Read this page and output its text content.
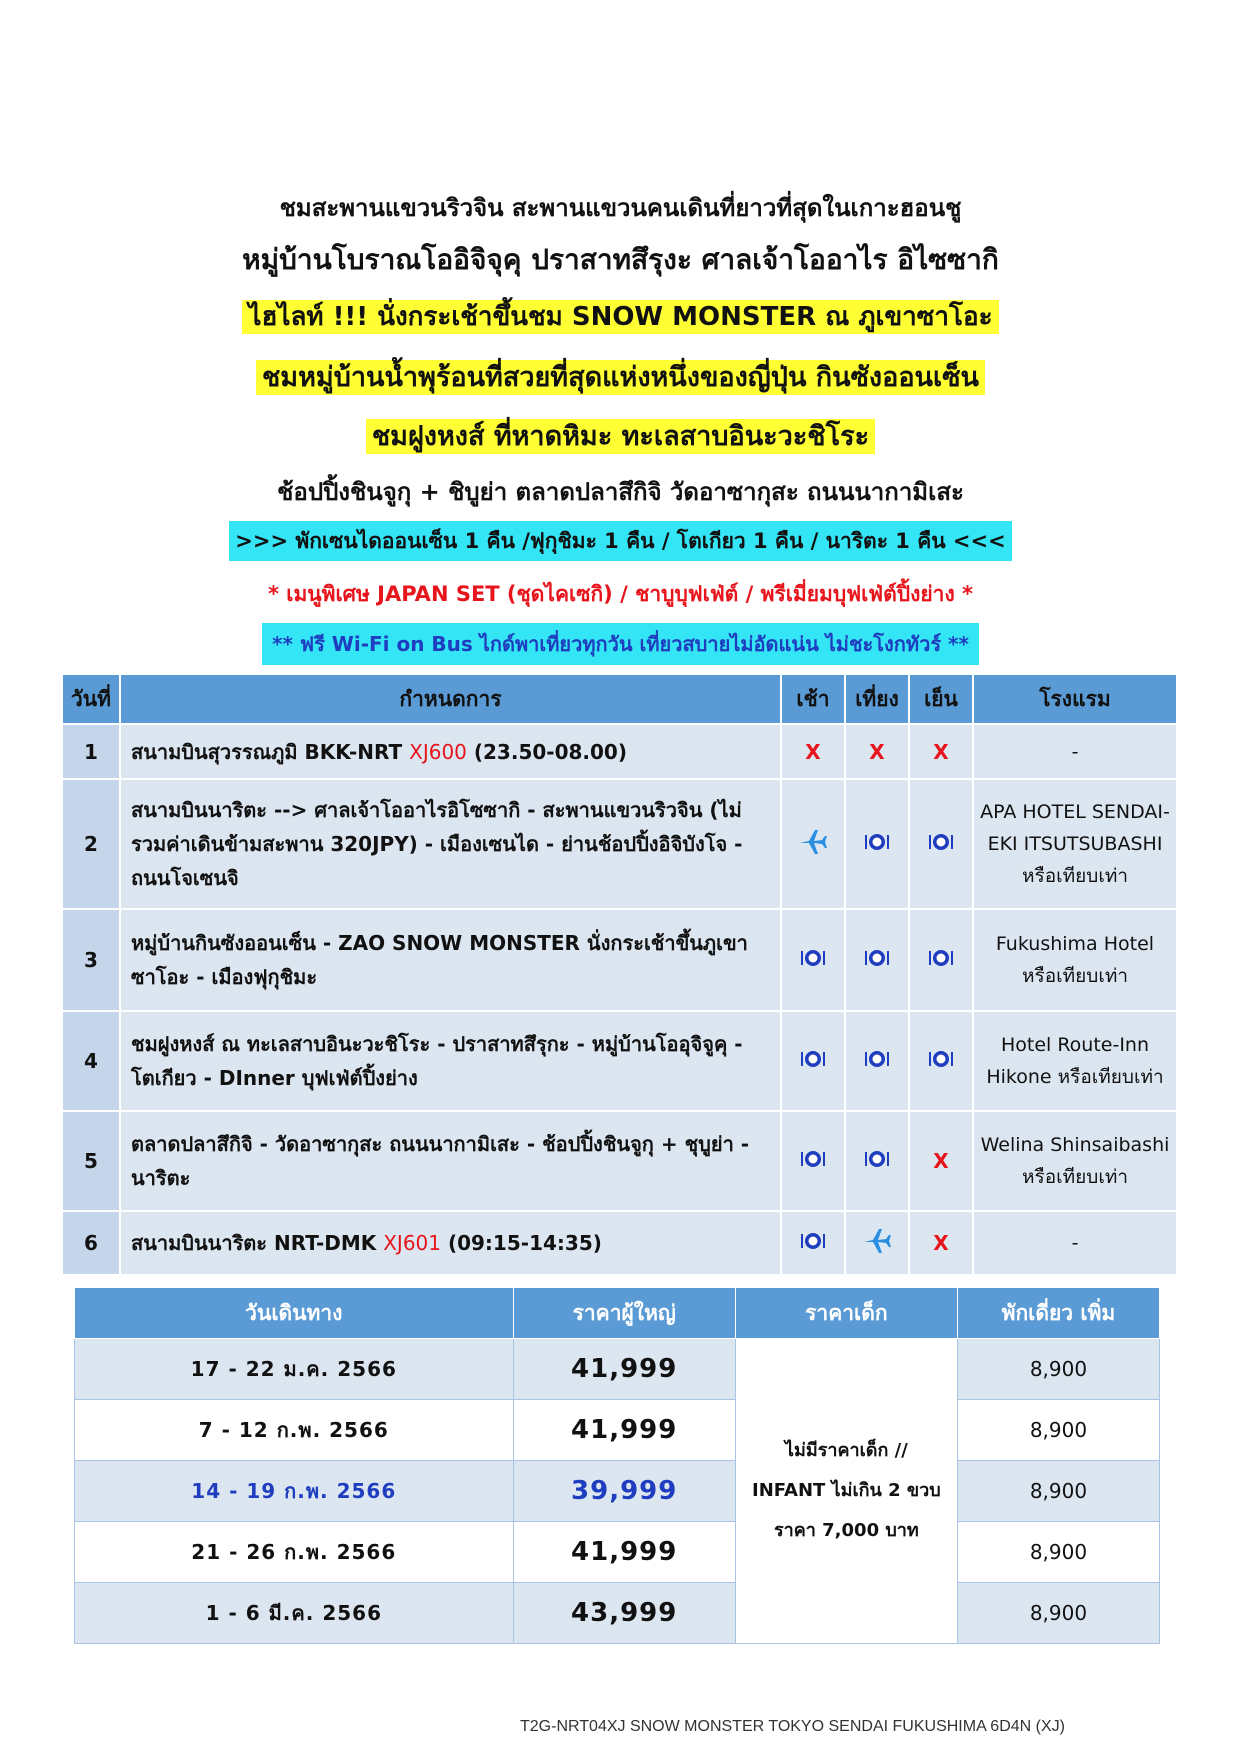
ชมสะพานแขวนริวจิน สะพานแขวนคนเดินที่ยาวที่สุดในเกาะฮอนชู
หมู่บ้านโบราณโออิจิจุคุ ปราสาทสึรุงะ ศาลเจ้าโออาไร อิไซซากิ
ไฮไลท์ !!! นั่งกระเช้าขึ้นชม SNOW MONSTER ณ ภูเขาซาโอะ
ชมหมู่บ้านน้ำพุร้อนที่สวยที่สุดแห่งหนึ่งของญี่ปุ่น กินซังออนเซ็น
ชมฝูงหงส์ ที่หาดหิมะ ทะเลสาบอินะวะชิโระ
ช้อปปิ้งชินจูกุ + ชิบูย่า ตลาดปลาสึกิจิ วัดอาซากุสะ ถนนนากามิเสะ
>>> พักเซนไดออนเซ็น 1 คืน /ฟุกุชิมะ 1 คืน / โตเกียว 1 คืน / นาริตะ 1 คืน <<<
* เมนูพิเศษ JAPAN SET (ชุดไคเซกิ) / ชาบูบุฟเฟ่ต์ / พรีเมี่ยมบุฟเฟ่ต์ปิ้งย่าง *
** ฟรี Wi-Fi on Bus ไกด์พาเที่ยวทุกวัน เที่ยวสบายไม่อัดแน่น ไม่ชะโงกทัวร์ **
วันที่	กำหนดการ	เช้า	เที่ยง	เย็น	โรงแรม
1	สนามบินสุวรรณภูมิ BKK-NRT XJ600 (23.50-08.00)	X	X	X	-

2	สนามบินนาริตะ --> ศาลเจ้าโออาไรอิโซซากิ - สะพานแขวนริวจิน (ไม่รวมค่าเดินข้ามสะพาน 320JPY) - เมืองเซนได - ย่านช้อปปิ้งอิจิบังโจ - ถนนโจเซนจิ				APA HOTEL SENDAI-EKI ITSUTSUBASHI
หรือเทียบเท่า

3	หมู่บ้านกินซังออนเซ็น - ZAO SNOW MONSTER นั่งกระเช้าขึ้นภูเขาซาโอะ - เมืองฟุกุชิมะ				Fukushima Hotel
หรือเทียบเท่า

4	ชมฝูงหงส์ ณ ทะเลสาบอินะวะชิโระ - ปราสาทสึรุกะ - หมู่บ้านโออุจิจูคุ - โตเกียว - DInner บุฟเฟ่ต์ปิ้งย่าง				Hotel Route-Inn
Hikone หรือเทียบเท่า

5	ตลาดปลาสึกิจิ - วัดอาซากุสะ ถนนนากามิเสะ - ช้อปปิ้งชินจูกุ + ชุบูย่า - นาริตะ			X	Welina Shinsaibashi
หรือเทียบเท่า

6	สนามบินนาริตะ NRT-DMK XJ601 (09:15-14:35)			X	-
วันเดินทาง	ราคาผู้ใหญ่	ราคาเด็ก	พักเดี่ยว เพิ่ม
17 - 22 ม.ค. 2566	41,999	ไม่มีราคาเด็ก //
INFANT ไม่เกิน 2 ขวบ
ราคา 7,000 บาท	8,900
7 - 12 ก.พ. 2566	41,999		8,900
14 - 19 ก.พ. 2566	39,999		8,900
21 - 26 ก.พ. 2566	41,999		8,900
1 - 6 มี.ค. 2566	43,999		8,900
T2G-NRT04XJ SNOW MONSTER TOKYO SENDAI FUKUSHIMA 6D4N (XJ)
